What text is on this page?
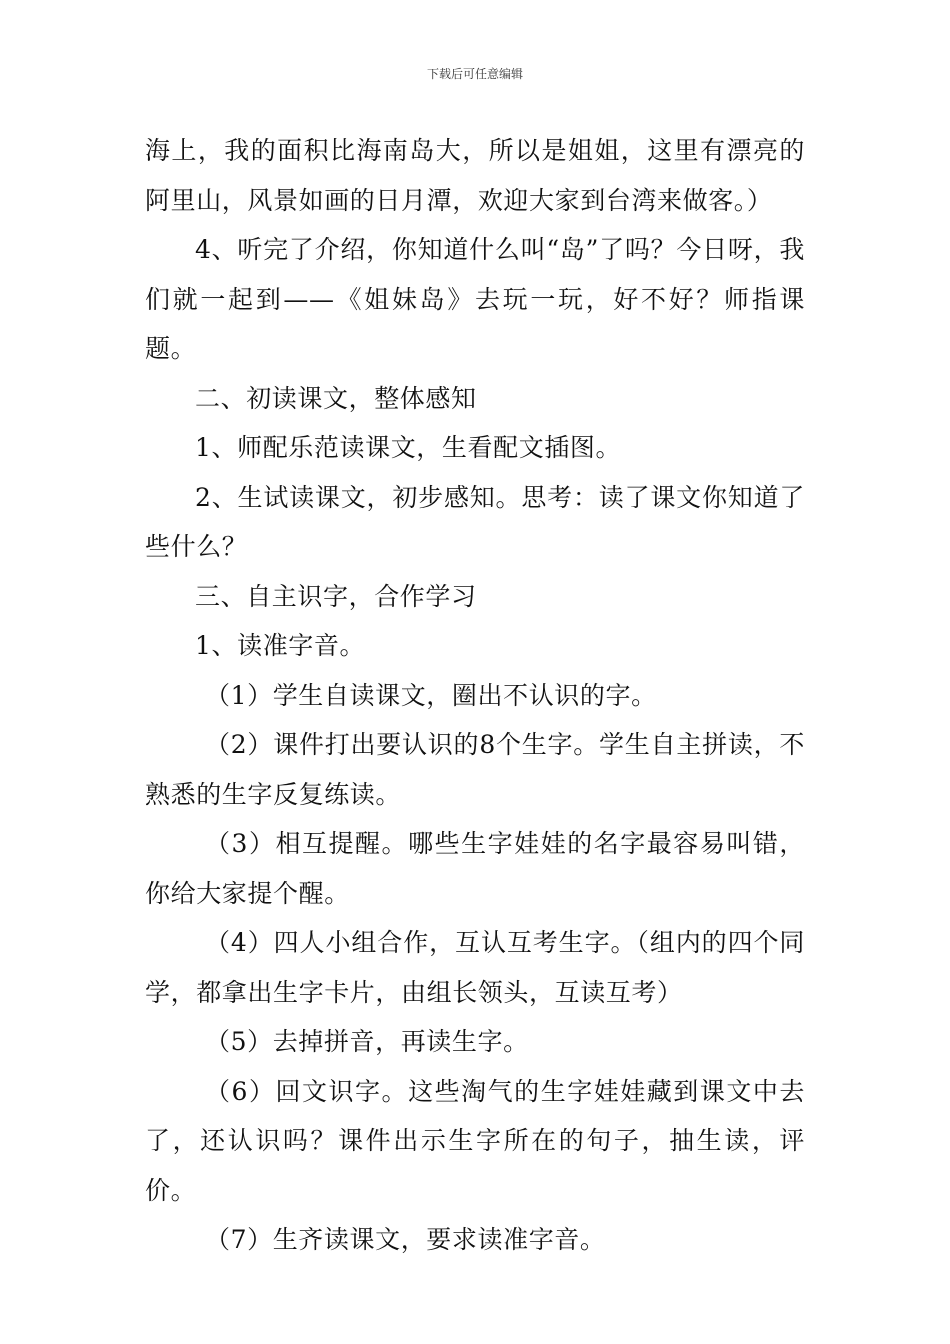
下载后可任意编辑

海上，我的面积比海南岛大，所以是姐姐，这里有漂亮的阿里山，风景如画的日月潭，欢迎大家到台湾来做客。）

4、听完了介绍，你知道什么叫“岛”了吗？今日呀，我们就一起到——《姐妹岛》去玩一玩，好不好？师指课题。

二、初读课文，整体感知

1、师配乐范读课文，生看配文插图。

2、生试读课文，初步感知。思考：读了课文你知道了些什么？

三、自主识字，合作学习

1、读准字音。

（1）学生自读课文，圈出不认识的字。

（2）课件打出要认识的8个生字。学生自主拼读，不熟悉的生字反复练读。

（3）相互提醒。哪些生字娃娃的名字最容易叫错，你给大家提个醒。

（4）四人小组合作，互认互考生字。（组内的四个同学，都拿出生字卡片，由组长领头，互读互考）

（5）去掉拼音，再读生字。

（6）回文识字。这些淘气的生字娃娃藏到课文中去了，还认识吗？课件出示生字所在的句子，抽生读，评价。

（7）生齐读课文，要求读准字音。
